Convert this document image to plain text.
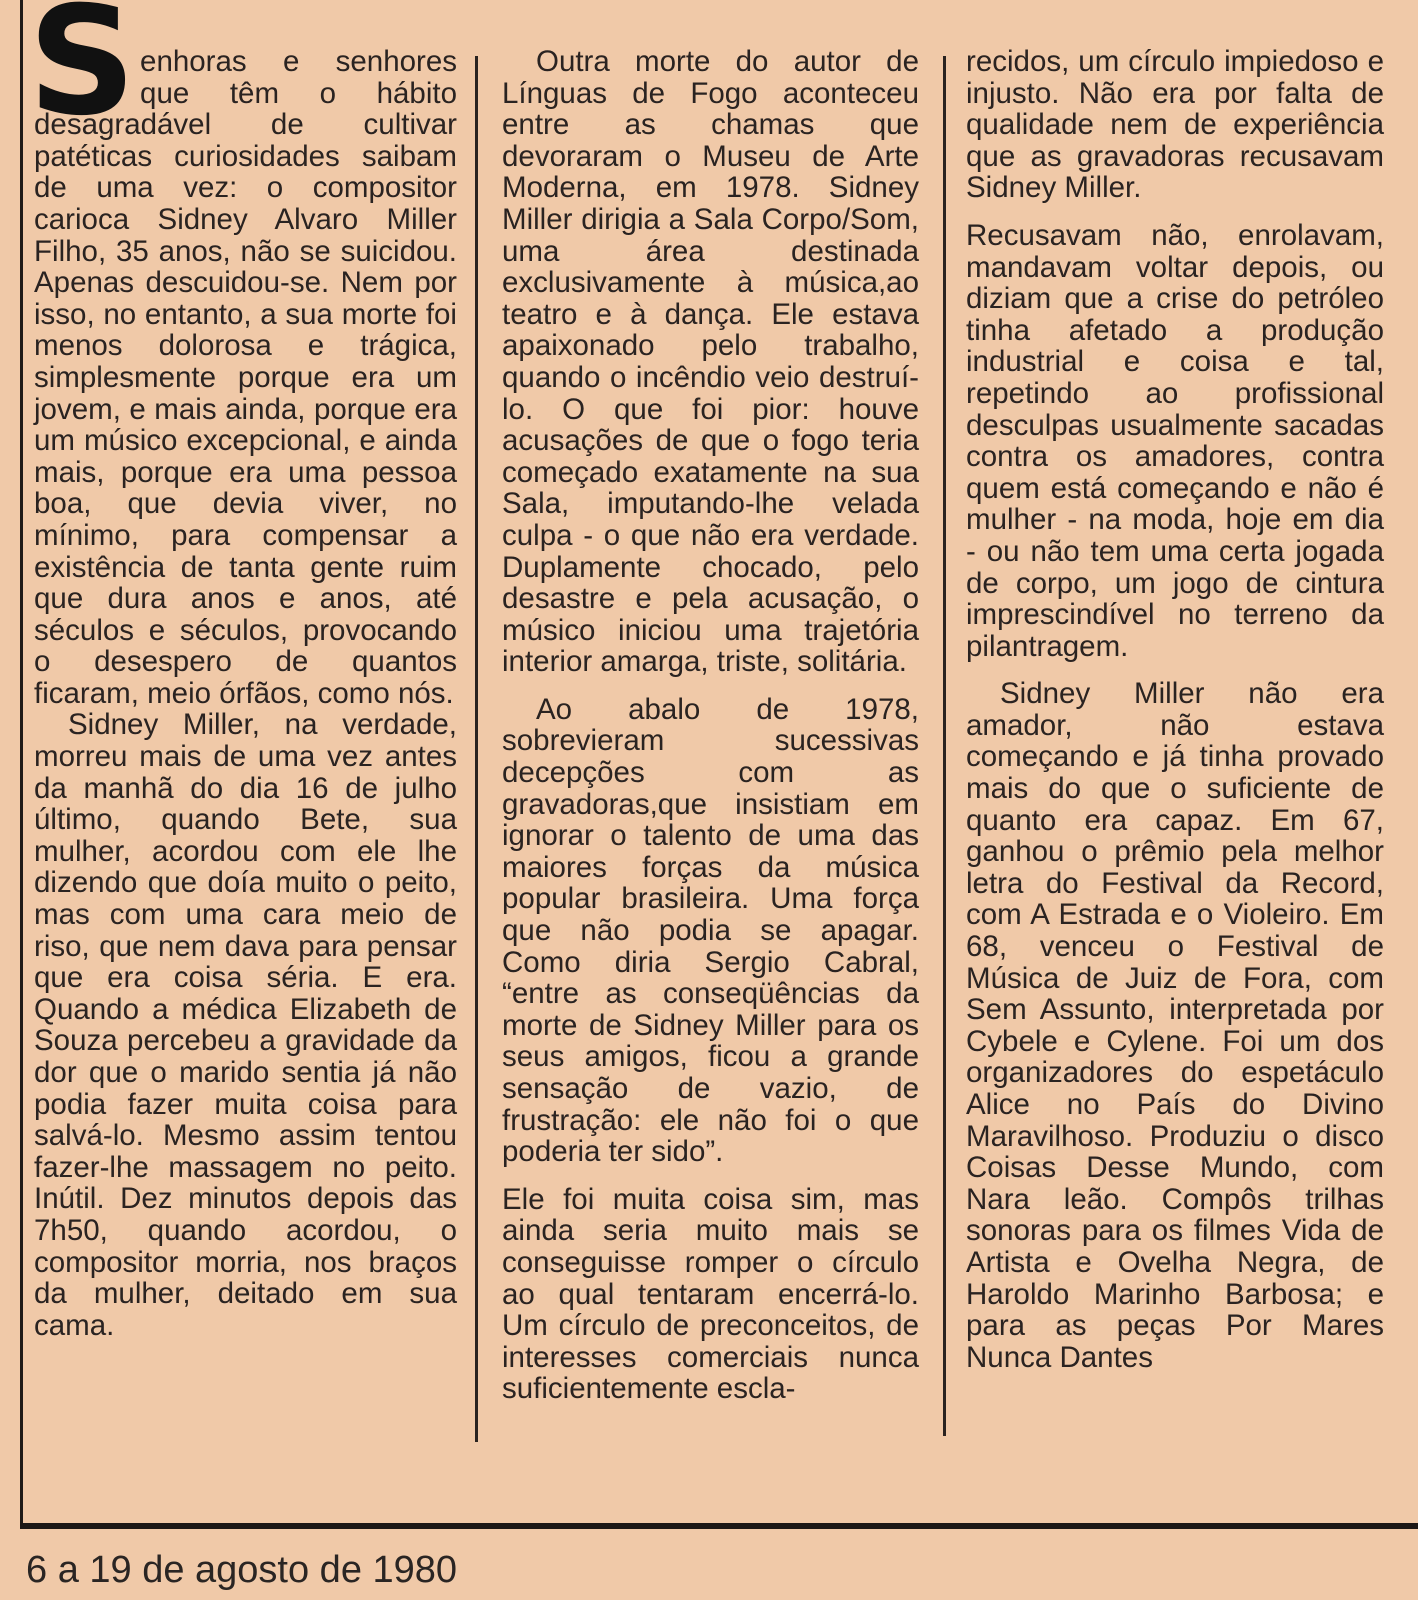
Senhoras e senhores que têm o hábito desagradável de cultivar patéticas curiosidades saibam de uma vez: o compositor carioca Sidney Alvaro Miller Filho, 35 anos, não se suicidou. Apenas descuidou-se. Nem por isso, no entanto, a sua morte foi menos dolorosa e trágica, simplesmente porque era um jovem, e mais ainda, porque era um músico excepcional, e ainda mais, porque era uma pessoa boa, que devia viver, no mínimo, para compensar a existência de tanta gente ruim que dura anos e anos, até séculos e séculos, provocando o desespero de quantos ficaram, meio órfãos, como nós.

Sidney Miller, na verdade, morreu mais de uma vez antes da manhã do dia 16 de julho último, quando Bete, sua mulher, acordou com ele lhe dizendo que doía muito o peito, mas com uma cara meio de riso, que nem dava para pensar que era coisa séria. E era. Quando a médica Elizabeth de Souza percebeu a gravidade da dor que o marido sentia já não podia fazer muita coisa para salvá-lo. Mesmo assim tentou fazer-lhe massagem no peito. Inútil. Dez minutos depois das 7h50, quando acordou, o compositor morria, nos braços da mulher, deitado em sua cama.

Outra morte do autor de Línguas de Fogo aconteceu entre as chamas que devoraram o Museu de Arte Moderna, em 1978. Sidney Miller dirigia a Sala Corpo/Som, uma área destinada exclusivamente à música,ao teatro e à dança. Ele estava apaixonado pelo trabalho, quando o incêndio veio destruí-lo. O que foi pior: houve acusações de que o fogo teria começado exatamente na sua Sala, imputando-lhe velada culpa - o que não era verdade. Duplamente chocado, pelo desastre e pela acusação, o músico iniciou uma trajetória interior amarga, triste, solitária.

Ao abalo de 1978, sobrevieram sucessivas decepções com as gravadoras,que insistiam em ignorar o talento de uma das maiores forças da música popular brasileira. Uma força que não podia se apagar. Como diria Sergio Cabral, “entre as conseqüências da morte de Sidney Miller para os seus amigos, ficou a grande sensação de vazio, de frustração: ele não foi o que poderia ter sido”.

Ele foi muita coisa sim, mas ainda seria muito mais se conseguisse romper o círculo ao qual tentaram encerrá-lo. Um círculo de preconceitos, de interesses comerciais nunca suficientemente escla-

recidos, um círculo impiedoso e injusto. Não era por falta de qualidade nem de experiência que as gravadoras recusavam Sidney Miller.

Recusavam não, enrolavam, mandavam voltar depois, ou diziam que a crise do petróleo tinha afetado a produção industrial e coisa e tal, repetindo ao profissional desculpas usualmente sacadas contra os amadores, contra quem está começando e não é mulher - na moda, hoje em dia - ou não tem uma certa jogada de corpo, um jogo de cintura imprescindível no terreno da pilantragem.

Sidney Miller não era amador, não estava começando e já tinha provado mais do que o suficiente de quanto era capaz. Em 67, ganhou o prêmio pela melhor letra do Festival da Record, com A Estrada e o Violeiro. Em 68, venceu o Festival de Música de Juiz de Fora, com Sem Assunto, interpretada por Cybele e Cylene. Foi um dos organizadores do espetáculo Alice no País do Divino Maravilhoso. Produziu o disco Coisas Desse Mundo, com Nara leão. Compôs trilhas sonoras para os filmes Vida de Artista e Ovelha Negra, de Haroldo Marinho Barbosa; e para as peças Por Mares Nunca Dantes

6 a 19 de agosto de 1980
